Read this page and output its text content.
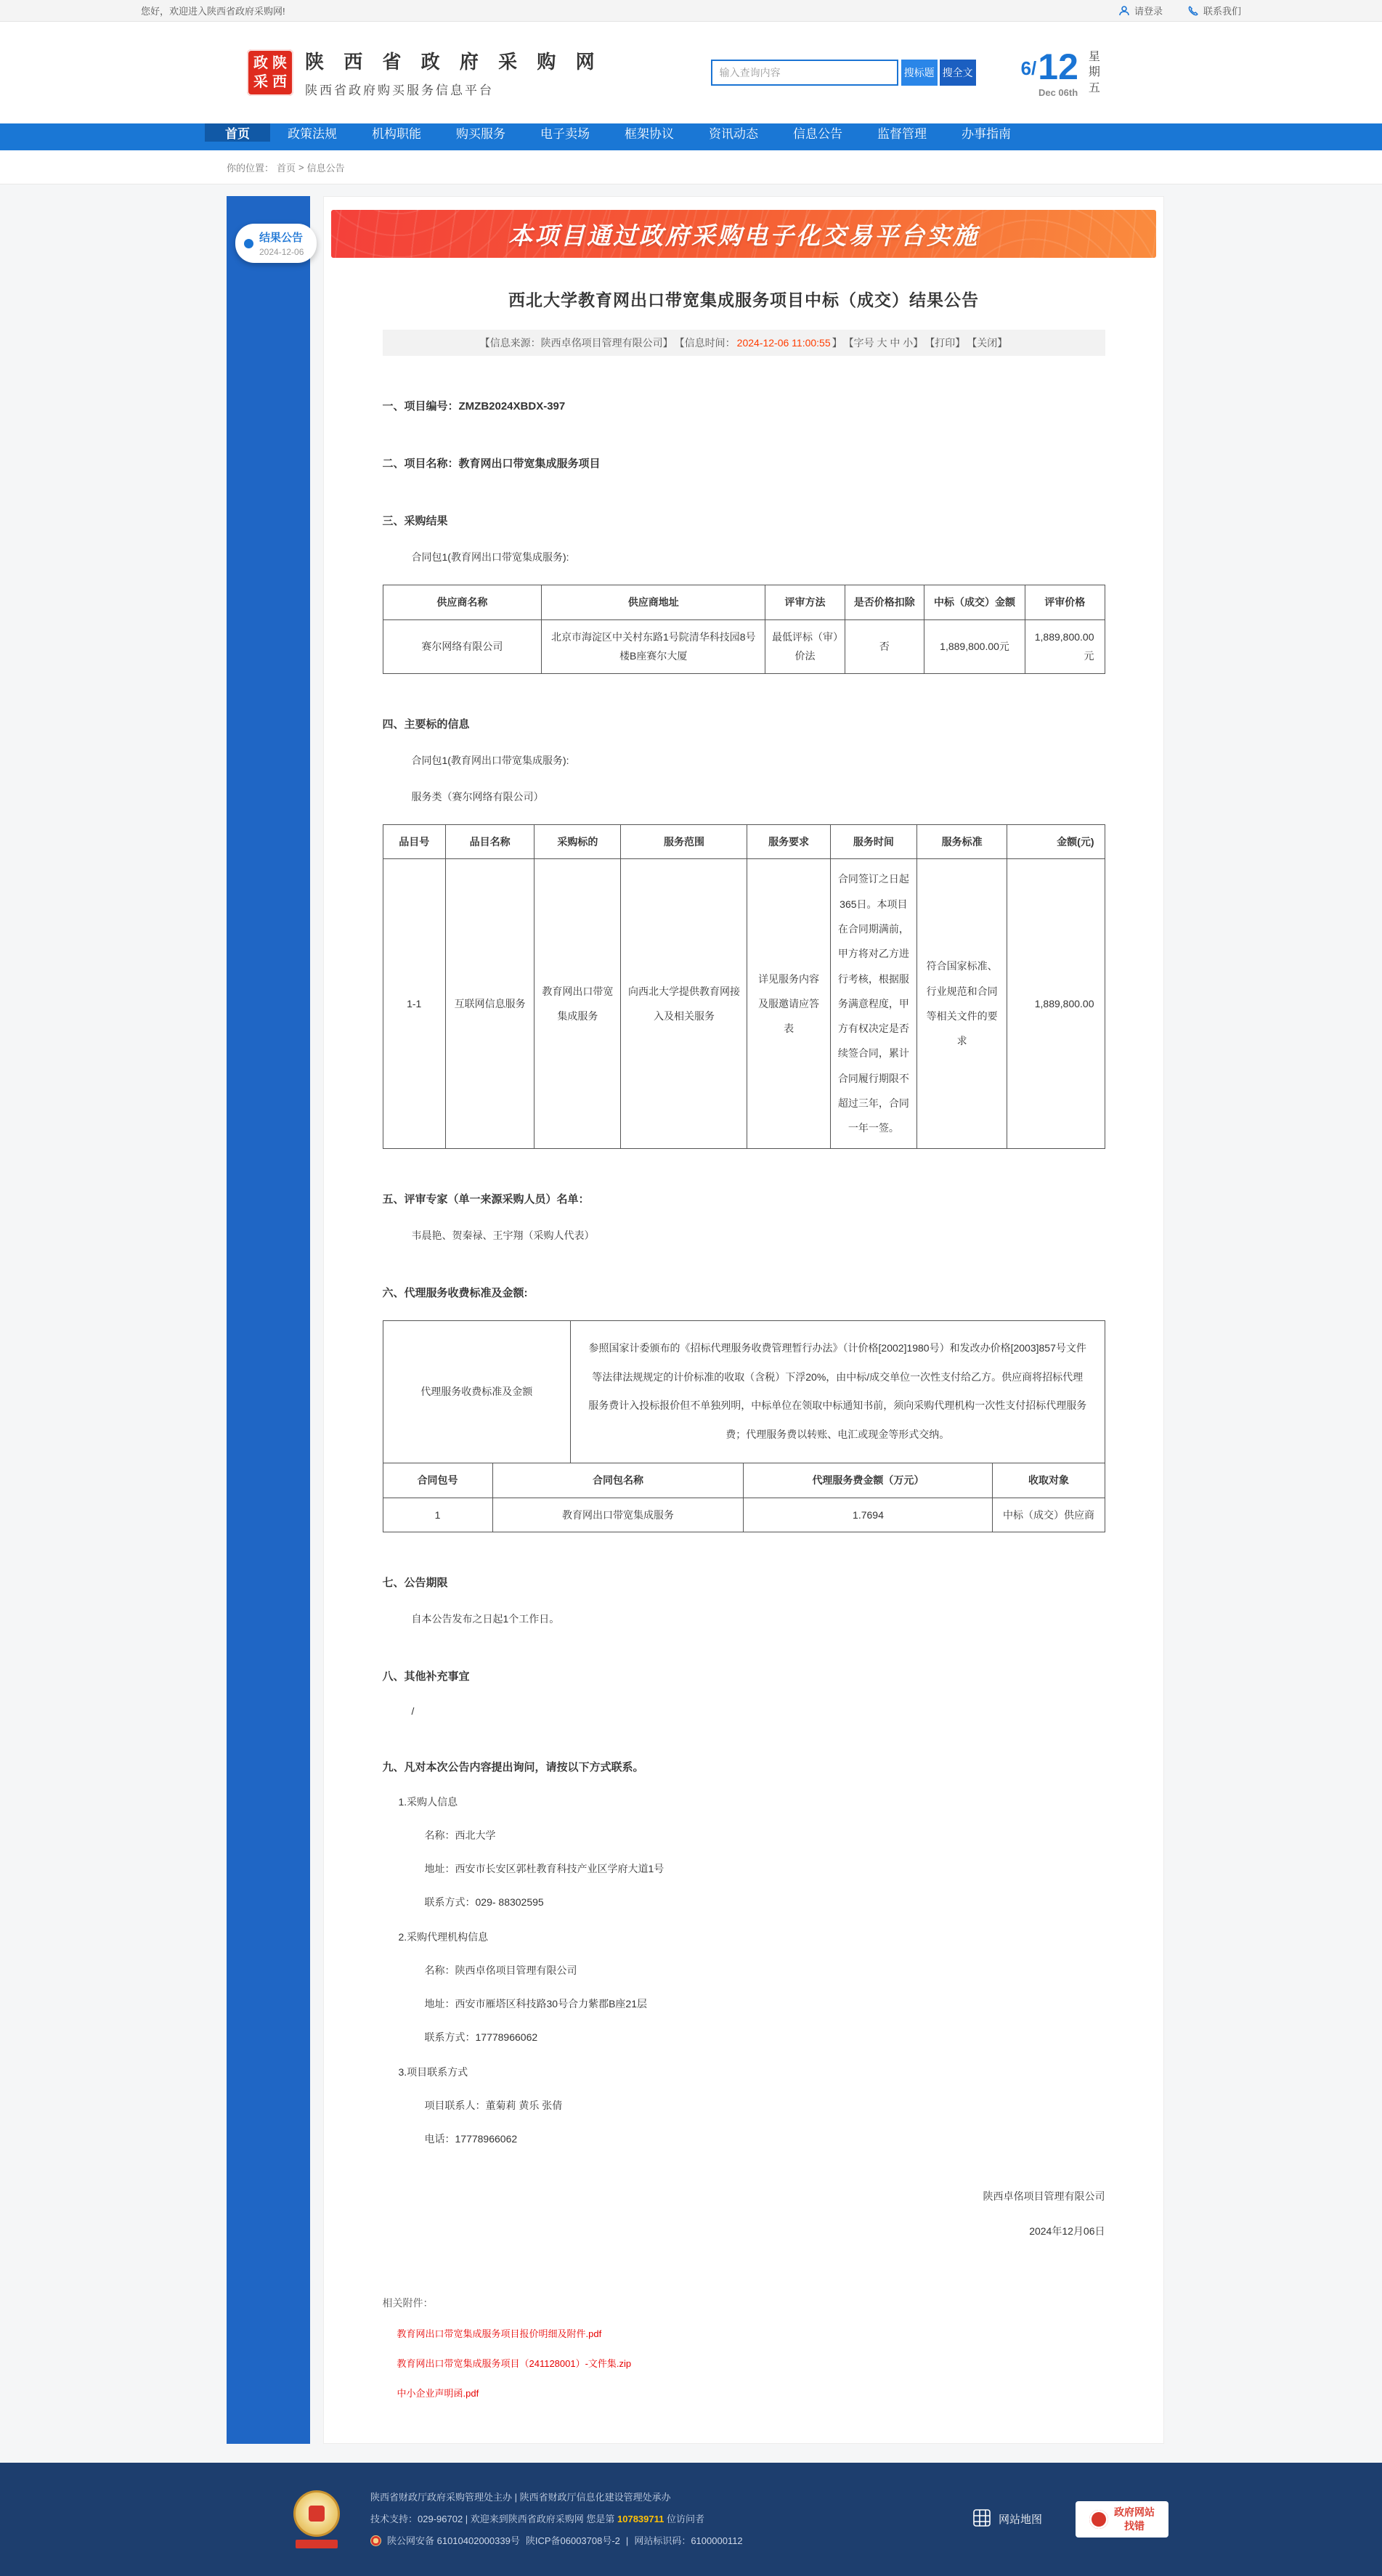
您好，欢迎进入陕西省政府采购网!	请登录	联系我们
政 陕
采 西
陕 西 省 政 府 采 购 网
陕西省政府购买服务信息平台
输入查询内容
搜标题 搜全文	6/ 12
Dec 06th
星
期
五
首页	政策法规	机构职能	购买服务	电子卖场	框架协议	资讯动态	信息公告	监督管理	办事指南
你的位置： 首页 > 信息公告
结果公告
2024-12-06
本项目通过政府采购电子化交易平台实施
西北大学教育网出口带宽集成服务项目中标（成交）结果公告
【信息来源：陕西卓佲项目管理有限公司】 【信息时间： 2024-12-06 11:00:55 】 【字号 大 中 小】 【打印】 【关闭】
一、项目编号：ZMZB2024XBDX-397
二、项目名称：教育网出口带宽集成服务项目
三、采购结果
合同包1(教育网出口带宽集成服务):
供应商名称	供应商地址	评审方法	是否价格扣除	中标（成交）金额	评审价格
赛尔网络有限公司	北京市海淀区中关村东路1号院清华科技园8号楼B座赛尔大厦	最低评标（审）价法	否	1,889,800.00元	1,889,800.00元
四、主要标的信息
合同包1(教育网出口带宽集成服务):
服务类（赛尔网络有限公司）
品目号	品目名称	采购标的	服务范围	服务要求	服务时间	服务标准	金额(元)
1-1	互联网信息服务	教育网出口带宽集成服务	向西北大学提供教育网接入及相关服务	详见服务内容及服邀请应答表	合同签订之日起365日。本项目在合同期满前，甲方将对乙方进行考核，根据服务满意程度，甲方有权决定是否续签合同，累计合同履行期限不超过三年，合同一年一签。	符合国家标准、行业规范和合同等相关文件的要求	1,889,800.00
五、评审专家（单一来源采购人员）名单：
韦晨艳、贺秦禄、王宇翔（采购人代表）
六、代理服务收费标准及金额:
代理服务收费标准及金额	参照国家计委颁布的《招标代理服务收费管理暂行办法》（计价格[2002]1980号）和发改办价格[2003]857号文件等法律法规规定的计价标准的收取（含税）下浮20%，由中标/成交单位一次性支付给乙方。供应商将招标代理服务费计入投标报价但不单独列明，中标单位在领取中标通知书前，须向采购代理机构一次性支付招标代理服务费；代理服务费以转账、电汇或现金等形式交纳。
合同包号	合同包名称	代理服务费金额（万元）	收取对象
1	教育网出口带宽集成服务	1.7694	中标（成交）供应商
七、公告期限
自本公告发布之日起1个工作日。
八、其他补充事宜
/
九、凡对本次公告内容提出询问，请按以下方式联系。
1.采购人信息
名称：西北大学
地址：西安市长安区郭杜教育科技产业区学府大道1号
联系方式：029- 88302595
2.采购代理机构信息
名称：陕西卓佲项目管理有限公司
地址：西安市雁塔区科技路30号合力紫郡B座21层
联系方式：17778966062
3.项目联系方式
项目联系人：董菊莉 黄乐 张倩
电话：17778966062
陕西卓佲项目管理有限公司
2024年12月06日
相关附件：
教育网出口带宽集成服务项目报价明细及附件.pdf
教育网出口带宽集成服务项目（241128001）-文件集.zip
中小企业声明函.pdf
陕西省财政厅政府采购管理处主办 | 陕西省财政厅信息化建设管理处承办
技术支持：029-96702 | 欢迎来到陕西省政府采购网 您是第 107839711 位访问者
陕公网安备 61010402000339号 陕ICP备06003708号-2 | 网站标识码：6100000112
网站地图
政府网站
找错
